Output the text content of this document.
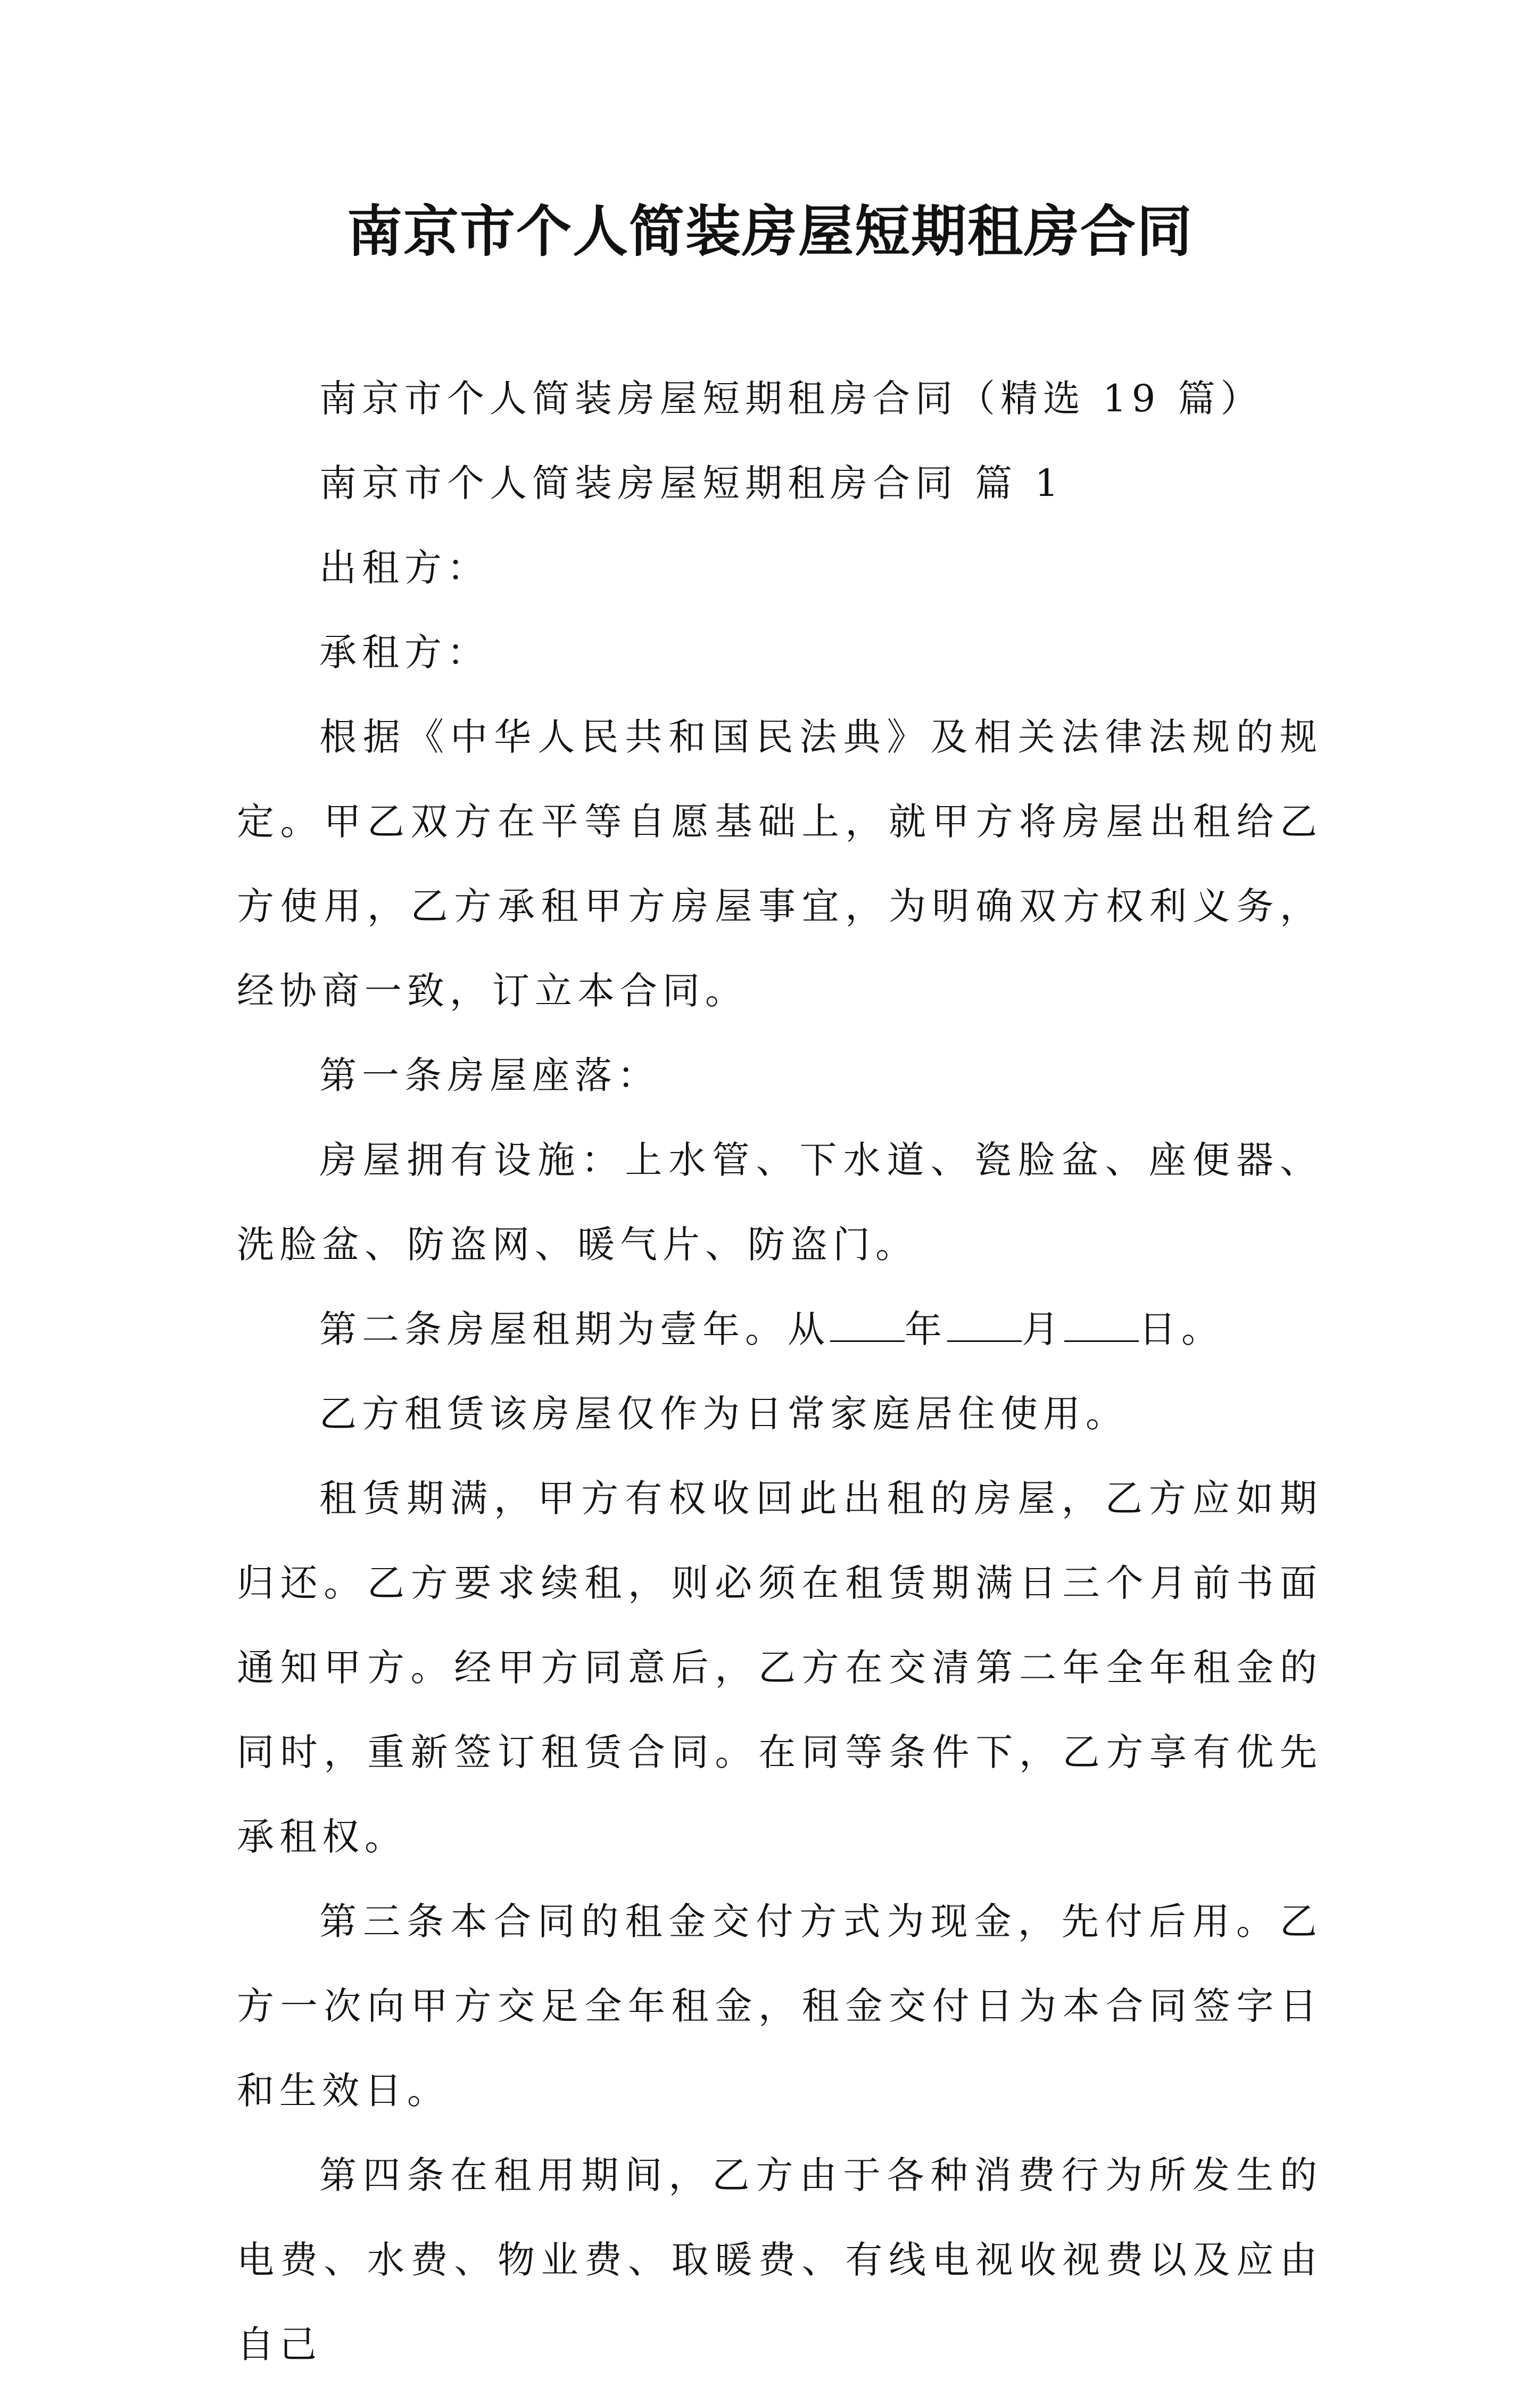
南京市个人简装房屋短期租房合同

南京市个人简装房屋短期租房合同（精选 19 篇）

南京市个人简装房屋短期租房合同 篇 1

出租方：

承租方：

根据《中华人民共和国民法典》及相关法律法规的规定。甲乙双方在平等自愿基础上，就甲方将房屋出租给乙方使用，乙方承租甲方房屋事宜，为明确双方权利义务，经协商一致，订立本合同。

第一条房屋座落：

房屋拥有设施：上水管、下水道、瓷脸盆、座便器、洗脸盆、防盗网、暖气片、防盗门。

第二条房屋租期为壹年。从 年 月 日。

乙方租赁该房屋仅作为日常家庭居住使用。

租赁期满，甲方有权收回此出租的房屋，乙方应如期归还。乙方要求续租，则必须在租赁期满日三个月前书面通知甲方。经甲方同意后，乙方在交清第二年全年租金的同时，重新签订租赁合同。在同等条件下，乙方享有优先承租权。

第三条本合同的租金交付方式为现金，先付后用。乙方一次向甲方交足全年租金，租金交付日为本合同签字日和生效日。

第四条在租用期间，乙方由于各种消费行为所发生的电费、水费、物业费、取暖费、有线电视收视费以及应由自己
